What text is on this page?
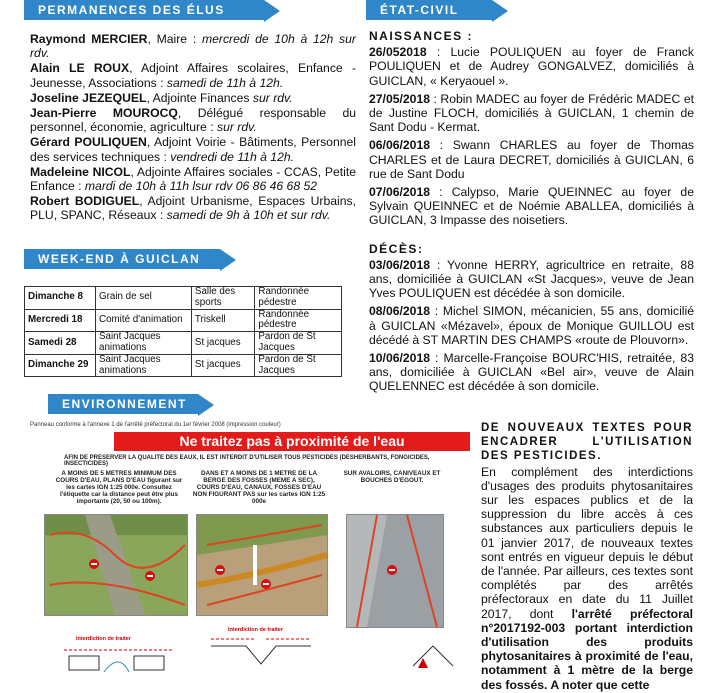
PERMANENCES DES ÉLUS

Raymond MERCIER, Maire : mercredi de 10h à 12h sur rdv.

Alain LE ROUX, Adjoint Affaires scolaires, Enfance - Jeunesse, Associations : samedi de 11h à 12h.

Joseline JEZEQUEL, Adjointe Finances sur rdv.

Jean-Pierre MOUROCQ, Délégué responsable du personnel, économie, agriculture : sur rdv.

Gérard POULIQUEN, Adjoint Voirie - Bâtiments, Personnel des services techniques : vendredi de 11h à 12h.

Madeleine NICOL, Adjointe Affaires sociales - CCAS, Petite Enfance : mardi de 10h à 11h lsur rdv 06 86 46 68 52

Robert BODIGUEL, Adjoint Urbanisme, Espaces Urbains, PLU, SPANC, Réseaux : samedi de 9h à 10h et sur rdv.

WEEK-END À GUICLAN
Dimanche 8	Grain de sel	Salle des sports	Randonnée pédestre
Mercredi 18	Comité d'animation	Triskell	Randonnée pédestre
Samedi 28	Saint Jacques animations	St jacques	Pardon de St Jacques
Dimanche 29	Saint Jacques animations	St jacques	Pardon de St Jacques
ENVIRONNEMENT
Panneau conforme à l'annexe 1 de l'arrêté préfectoral du 1er février 2008 (impression couleur)
Ne traitez pas à proximité de l'eau
AFIN DE PRESERVER LA QUALITE DES EAUX, IL EST INTERDIT D'UTILISER TOUS PESTICIDES (DESHERBANTS, FONGICIDES, INSECTICIDES)
A MOINS DE 5 METRES MINIMUM DES COURS D'EAU, PLANS D'EAU figurant sur les cartes IGN 1:25 000e. Consultez l'étiquette car la distance peut être plus importante (20, 50 ou 100m).
DANS ET A MOINS DE 1 METRE DE LA BERGE DES FOSSES (MEME A SEC), COURS D'EAU, CANAUX, FOSSES D'EAU NON FIGURANT PAS sur les cartes IGN 1:25 000e
SUR AVALOIRS, CANIVEAUX ET BOUCHES D'EGOUT.
Interdiction de traiter
Interdiction de traiter
ÉTAT-CIVIL
NAISSANCES :

26/052018 : Lucie POULIQUEN au foyer de Franck POULIQUEN et de Audrey GONGALVEZ, domiciliés à GUICLAN, « Keryaouel ».

27/05/2018 : Robin MADEC au foyer de Frédéric MADEC et de Justine FLOCH, domiciliés à GUICLAN, 1 chemin de Sant Dodu - Kermat.

06/06/2018 : Swann CHARLES au foyer de Thomas CHARLES et de Laura DECRET, domiciliés à GUICLAN, 6 rue de Sant Dodu

07/06/2018 : Calypso, Marie QUEINNEC au foyer de Sylvain QUEINNEC et de Noémie ABALLEA, domiciliés à GUICLAN, 3 Impasse des noisetiers.

DÉCÈS:

03/06/2018 : Yvonne HERRY, agricultrice en retraite, 88 ans, domiciliée à GUICLAN «St Jacques», veuve de Jean Yves POULIQUEN est décédée à son domicile.

08/06/2018 : Michel SIMON, mécanicien, 55 ans, domicilié à GUICLAN «Mézavel», époux de Monique GUILLOU est décédé à ST MARTIN DES CHAMPS «route de Plouvorn».

10/06/2018 : Marcelle-Françoise BOURC'HIS, retraitée, 83 ans, domiciliée à GUICLAN «Bel air», veuve de Alain QUELENNEC est décédée à son domicile.

DE NOUVEAUX TEXTES POUR ENCADRER L'UTILISATION DES PESTICIDES.

En complément des interdictions d'usages des produits phytosanitaires sur les espaces publics et de la suppression du libre accès à ces substances aux particuliers depuis le 01 janvier 2017, de nouveaux textes sont entrés en vigueur depuis le début de l'année. Par ailleurs, ces textes sont complétés par des arrêtés préfectoraux en date du 11 Juillet 2017, dont l'arrêté préfectoral n°2017192-003 portant interdiction d'utilisation des produits phytosanitaires à proximité de l'eau, notamment à 1 mètre de la berge des fossés. A noter que cette
